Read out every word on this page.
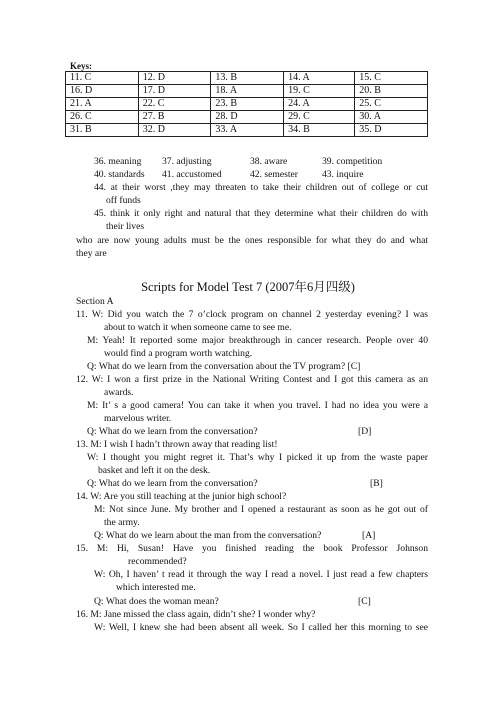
Keys:
11. C	12. D	13. B	14. A	15. C
16. D	17. D	18. A	19. C	20. B
21. A	22. C	23. B	24. A	25. C
26. C	27. B	28. D	29. C	30. A
31. B	32. D	33. A	34. B	35. D
36. meaning 37. adjusting	38. aware	39. competition
40. standards 41. accustomed	42. semester	43. inquire
44. at their worst ,they may threaten to take their children out of college or cut
off funds
45. think it only right and natural that they determine what their children do with
their lives
who are now young adults must be the ones responsible for what they do and what
they are
Scripts for Model Test 7 (2007年6月四级)
Section A
11. W: Did you watch the 7 o’clock program on channel 2 yesterday evening? I was
about to watch it when someone came to see me.
M: Yeah! It reported some major breakthrough in cancer research. People over 40
would find a program worth watching.
Q: What do we learn from the conversation about the TV program? [C]
12. W: I won a first prize in the National Writing Contest and I got this camera as an
awards.
M: It’ s a good camera! You can take it when you travel. I had no idea you were a
marvelous writer.
Q: What do we learn from the conversation?	[D]
13. M: I wish I hadn’t thrown away that reading list!
W: I thought you might regret it. That’s why I picked it up from the waste paper
basket and left it on the desk.
Q: What do we learn from the conversation?	[B]
14. W: Are you still teaching at the junior high school?
M: Not since June. My brother and I opened a restaurant as soon as he got out of
the army.
Q: What do we learn about the man from the conversation?	[A]
15. M: Hi, Susan! Have you finished reading the book Professor Johnson
recommended?
W: Oh, I haven’ t read it through the way I read a novel. I just read a few chapters
which interested me.
Q: What does the woman mean?	[C]
16. M: Jane missed the class again, didn’t she? I wonder why?
W: Well, I knew she had been absent all week. So I called her this morning to see
